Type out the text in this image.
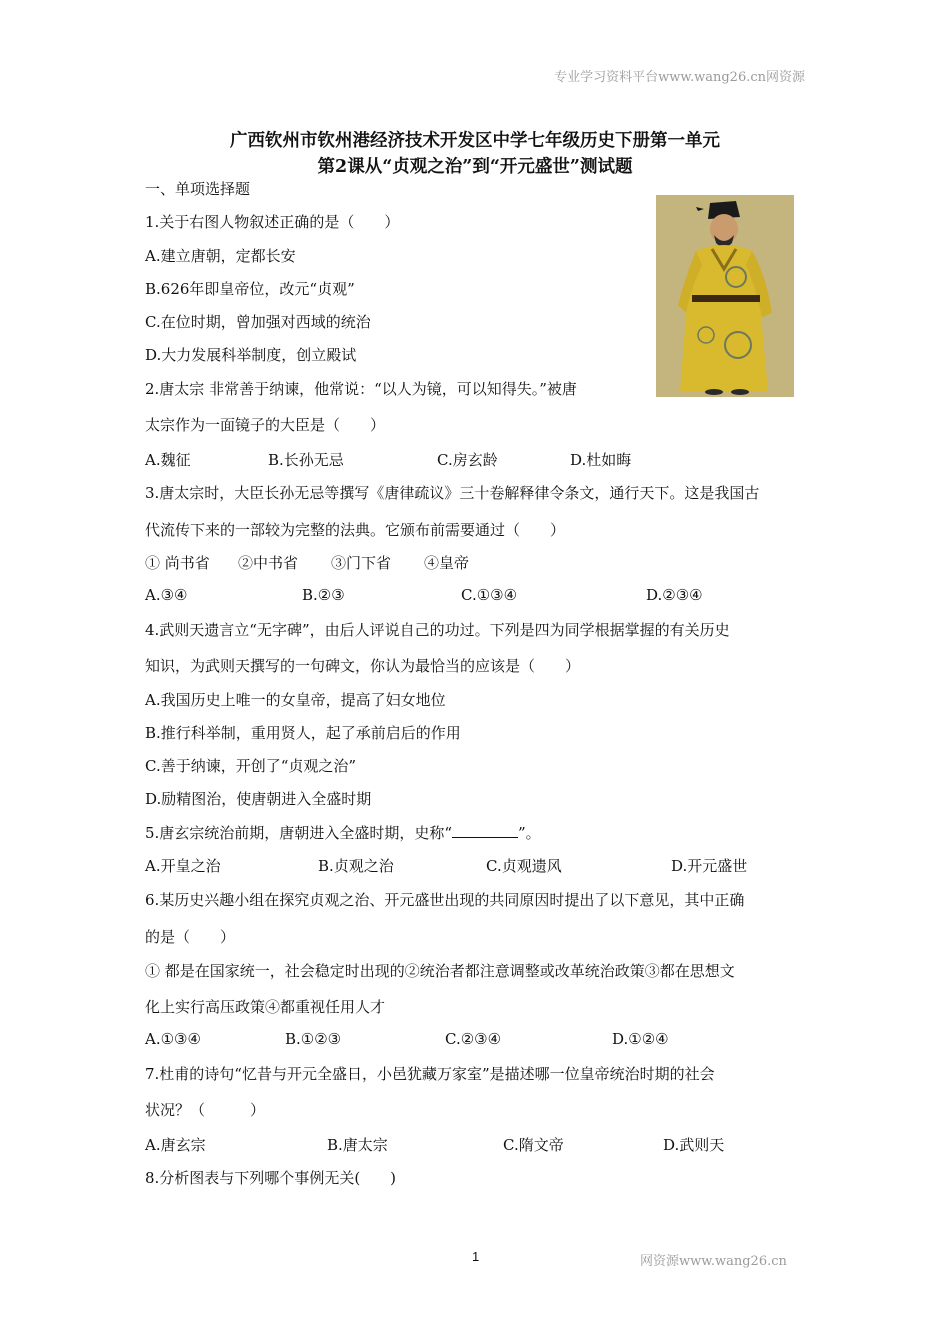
专业学习资料平台www.wang26.cn网资源
广西钦州市钦州港经济技术开发区中学七年级历史下册第一单元
第2课从“贞观之治”到“开元盛世”测试题
一、单项选择题
1.关于右图人物叙述正确的是（　　）
A.建立唐朝，定都长安
B.626年即皇帝位，改元“贞观”
C.在位时期，曾加强对西域的统治
D.大力发展科举制度，创立殿试
2.唐太宗 非常善于纳谏，他常说：“以人为镜，可以知得失。”被唐
太宗作为一面镜子的大臣是（　　）
A.魏征	B.长孙无忌	C.房玄龄	D.杜如晦
3.唐太宗时，大臣长孙无忌等撰写《唐律疏议》三十卷解释律令条文，通行天下。这是我国古
代流传下来的一部较为完整的法典。它颁布前需要通过（　　）
① 尚书省 ②中书省 ③门下省 ④皇帝
A.③④	B.②③	C.①③④	D.②③④
4.武则天遗言立“无字碑”，由后人评说自己的功过。下列是四为同学根据掌握的有关历史
知识，为武则天撰写的一句碑文，你认为最恰当的应该是（　　）
A.我国历史上唯一的女皇帝，提高了妇女地位
B.推行科举制，重用贤人，起了承前启后的作用
C.善于纳谏，开创了“贞观之治”
D.励精图治，使唐朝进入全盛时期
5.唐玄宗统治前期，唐朝进入全盛时期，史称“	”。
A.开皇之治	B.贞观之治	C.贞观遗风	D.开元盛世
6.某历史兴趣小组在探究贞观之治、开元盛世出现的共同原因时提出了以下意见，其中正确
的是（　　）
① 都是在国家统一，社会稳定时出现的②统治者都注意调整或改革统治政策③都在思想文
化上实行高压政策④都重视任用人才
A.①③④	B.①②③	C.②③④	D.①②④
7.杜甫的诗句“忆昔与开元全盛日，小邑犹藏万家室”是描述哪一位皇帝统治时期的社会
状况？（　　　）
A.唐玄宗	B.唐太宗	C.隋文帝	D.武则天
8.分析图表与下列哪个事例无关(　　)
1	网资源www.wang26.cn
